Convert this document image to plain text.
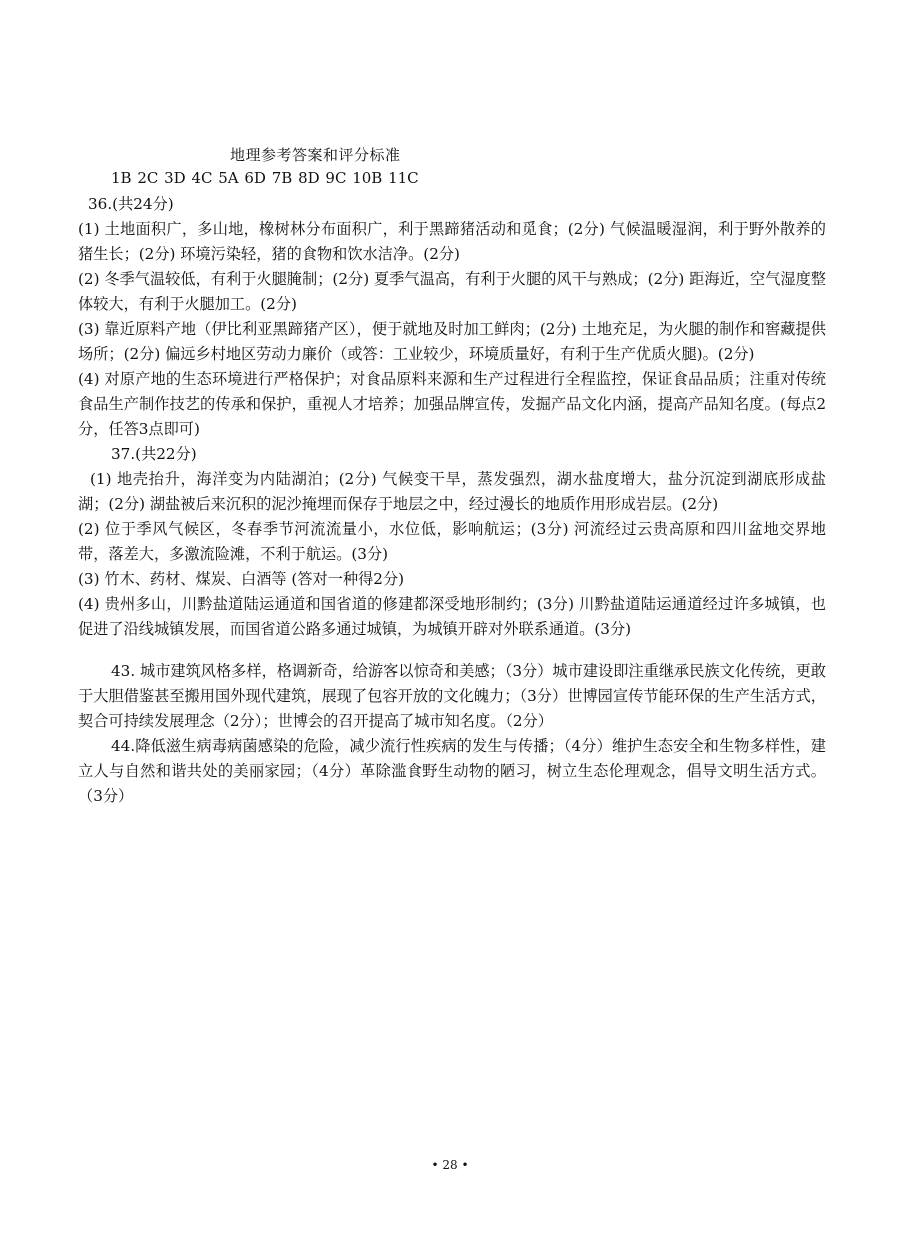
地理参考答案和评分标准
1B 2C 3D 4C 5A 6D 7B 8D 9C 10B 11C

36.(共24分)

(1) 土地面积广，多山地，橡树林分布面积广，利于黑蹄猪活动和觅食；(2分) 气候温暖湿润，利于野外散养的猪生长；(2分) 环境污染轻，猪的食物和饮水洁净。(2分)

(2) 冬季气温较低，有利于火腿腌制；(2分) 夏季气温高，有利于火腿的风干与熟成；(2分) 距海近，空气湿度整体较大，有利于火腿加工。(2分)

(3) 靠近原料产地（伊比利亚黑蹄猪产区），便于就地及时加工鲜肉；(2分) 土地充足，为火腿的制作和窖藏提供场所；(2分) 偏远乡村地区劳动力廉价（或答：工业较少，环境质量好，有利于生产优质火腿)。(2分)

(4) 对原产地的生态环境进行严格保护；对食品原料来源和生产过程进行全程监控，保证食品品质；注重对传统食品生产制作技艺的传承和保护，重视人才培养；加强品牌宣传，发掘产品文化内涵，提高产品知名度。(每点2分，任答3点即可)

37.(共22分)

(1) 地壳抬升，海洋变为内陆湖泊；(2分) 气候变干旱，蒸发强烈，湖水盐度增大，盐分沉淀到湖底形成盐湖；(2分) 湖盐被后来沉积的泥沙掩埋而保存于地层之中，经过漫长的地质作用形成岩层。(2分)

(2) 位于季风气候区，冬春季节河流流量小，水位低，影响航运；(3分) 河流经过云贵高原和四川盆地交界地带，落差大，多激流险滩，不利于航运。(3分)

(3) 竹木、药材、煤炭、白酒等 (答对一种得2分)

(4) 贵州多山，川黔盐道陆运通道和国省道的修建都深受地形制约；(3分) 川黔盐道陆运通道经过许多城镇，也促进了沿线城镇发展，而国省道公路多通过城镇，为城镇开辟对外联系通道。(3分)

43. 城市建筑风格多样，格调新奇，给游客以惊奇和美感；（3分）城市建设即注重继承民族文化传统，更敢于大胆借鉴甚至搬用国外现代建筑，展现了包容开放的文化魄力；（3分）世博园宣传节能环保的生产生活方式，契合可持续发展理念（2分）；世博会的召开提高了城市知名度。（2分）

44.降低滋生病毒病菌感染的危险，减少流行性疾病的发生与传播；（4分）维护生态安全和生物多样性，建立人与自然和谐共处的美丽家园；（4分）革除滥食野生动物的陋习，树立生态伦理观念，倡导文明生活方式。（3分）

• 28 •
